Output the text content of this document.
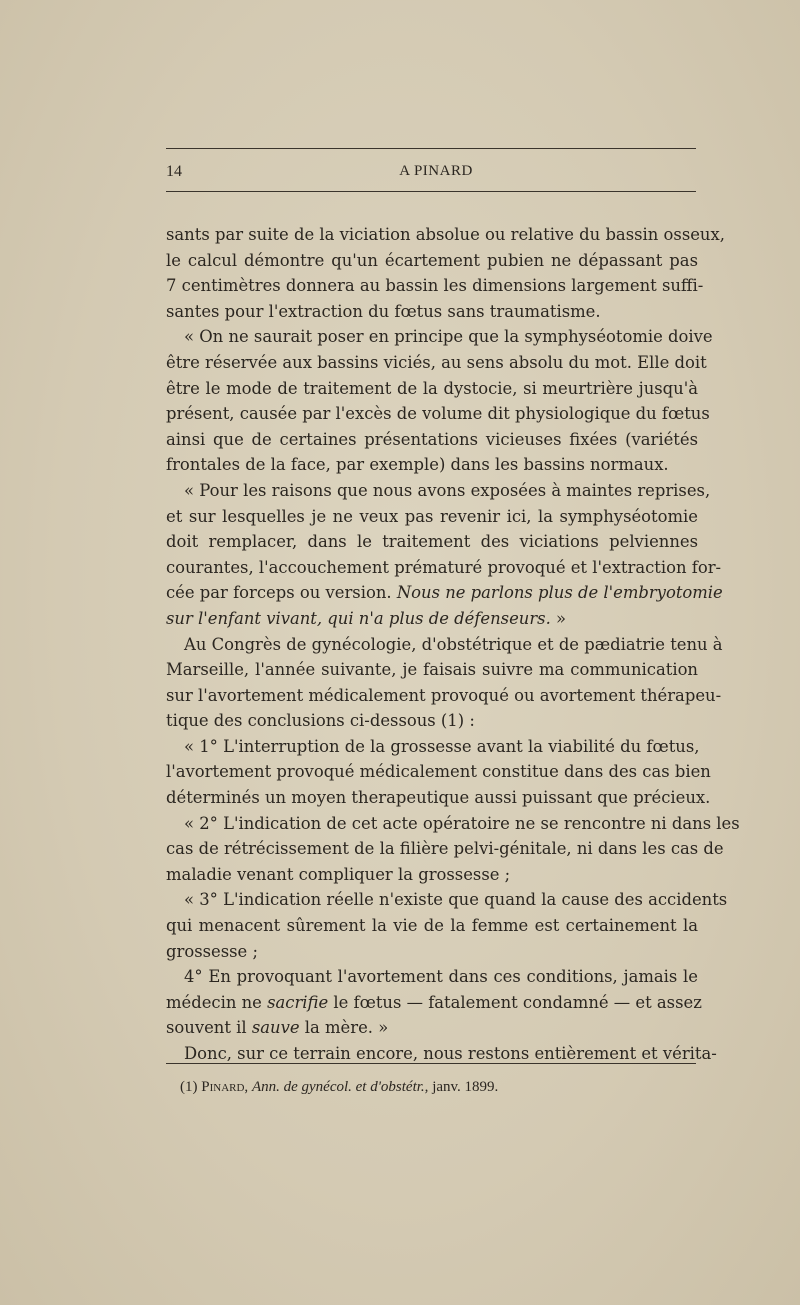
14	A PINARD
sants par suite de la viciation absolue ou relative du bassin osseux,
le calcul démontre qu'un écartement pubien ne dépassant pas
7 centimètres donnera au bassin les dimensions largement suffi-
santes pour l'extraction du fœtus sans traumatisme.
« On ne saurait poser en principe que la symphyséotomie doive
être réservée aux bassins viciés, au sens absolu du mot. Elle doit
être le mode de traitement de la dystocie, si meurtrière jusqu'à
présent, causée par l'excès de volume dit physiologique du fœtus
ainsi que de certaines présentations vicieuses fixées (variétés
frontales de la face, par exemple) dans les bassins normaux.
« Pour les raisons que nous avons exposées à maintes reprises,
et sur lesquelles je ne veux pas revenir ici, la symphyséotomie
doit remplacer, dans le traitement des viciations pelviennes
courantes, l'accouchement prématuré provoqué et l'extraction for-
cée par forceps ou version. Nous ne parlons plus de l'embryotomie
sur l'enfant vivant, qui n'a plus de défenseurs. »
Au Congrès de gynécologie, d'obstétrique et de pædiatrie tenu à
Marseille, l'année suivante, je faisais suivre ma communication
sur l'avortement médicalement provoqué ou avortement thérapeu-
tique des conclusions ci-dessous (1) :
« 1° L'interruption de la grossesse avant la viabilité du fœtus,
l'avortement provoqué médicalement constitue dans des cas bien
déterminés un moyen therapeutique aussi puissant que précieux.
« 2° L'indication de cet acte opératoire ne se rencontre ni dans les
cas de rétrécissement de la filière pelvi-génitale, ni dans les cas de
maladie venant compliquer la grossesse ;
« 3° L'indication réelle n'existe que quand la cause des accidents
qui menacent sûrement la vie de la femme est certainement la
grossesse ;
4° En provoquant l'avortement dans ces conditions, jamais le
médecin ne sacrifie le fœtus — fatalement condamné — et assez
souvent il sauve la mère. »
Donc, sur ce terrain encore, nous restons entièrement et vérita-
(1) Pinard, Ann. de gynécol. et d'obstétr., janv. 1899.
